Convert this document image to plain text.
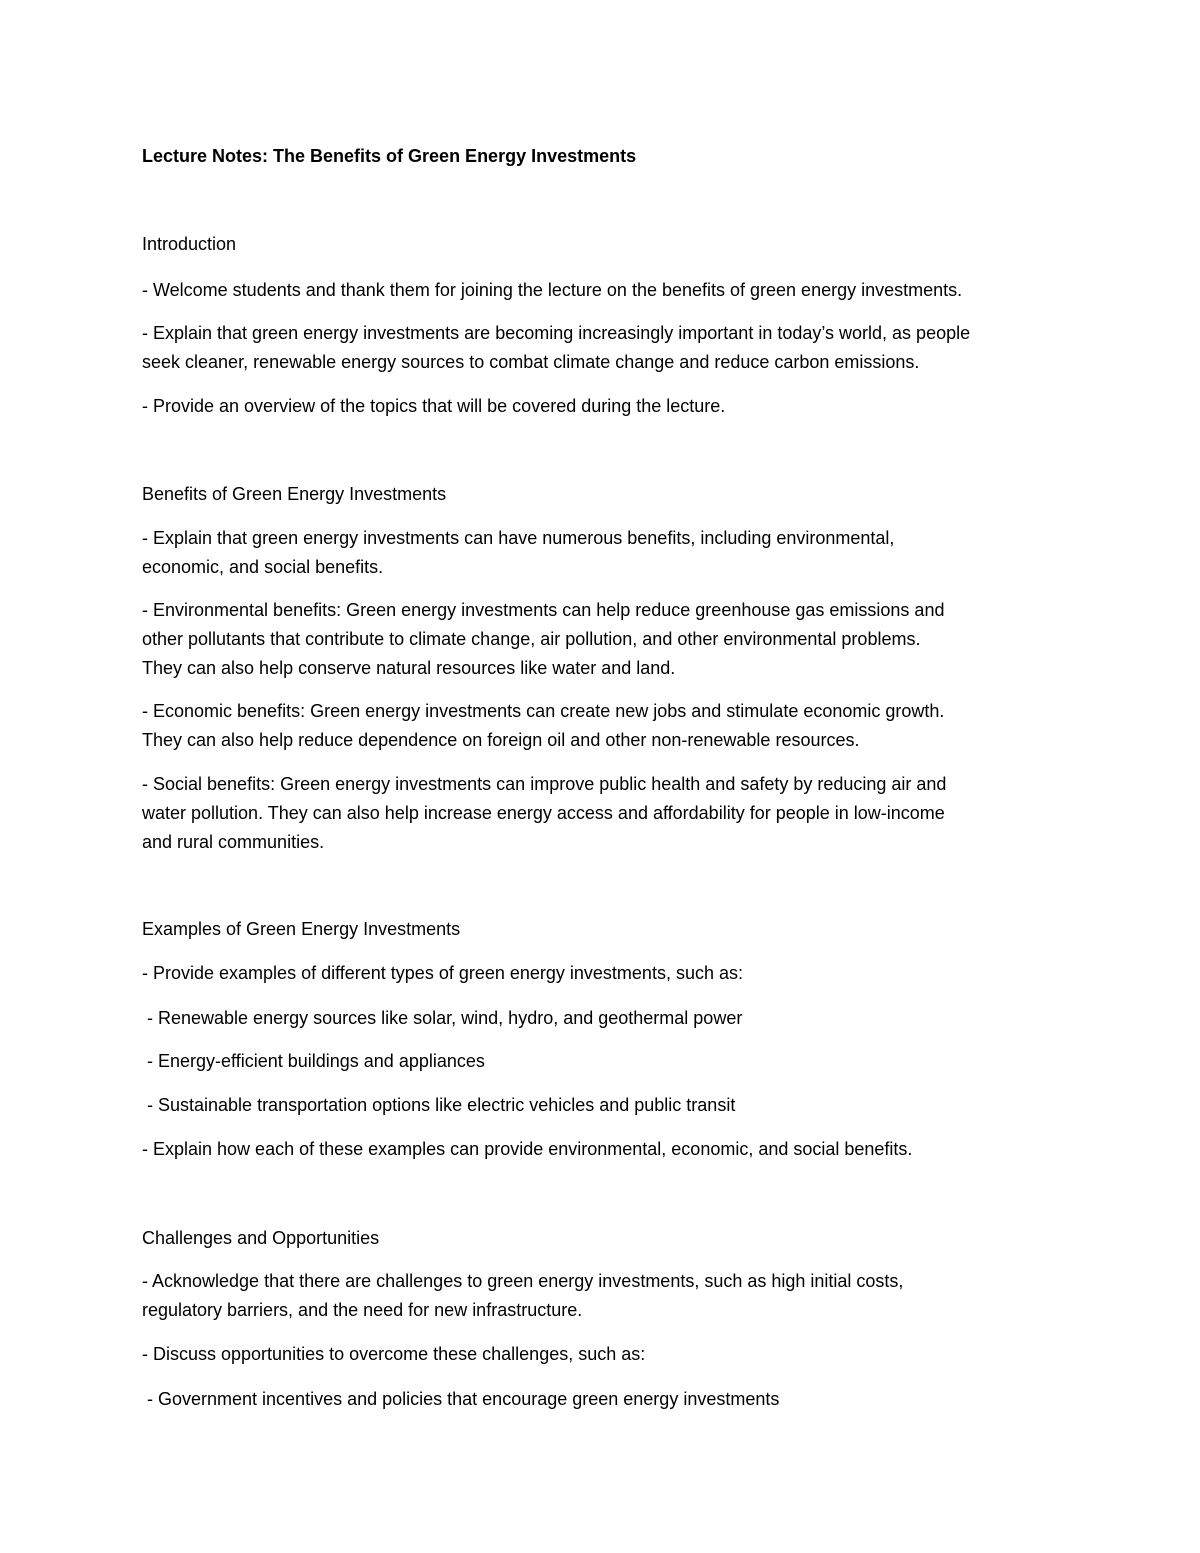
Lecture Notes: The Benefits of Green Energy Investments
Introduction
- Welcome students and thank them for joining the lecture on the benefits of green energy investments.
- Explain that green energy investments are becoming increasingly important in today’s world, as people
seek cleaner, renewable energy sources to combat climate change and reduce carbon emissions.
- Provide an overview of the topics that will be covered during the lecture.
Benefits of Green Energy Investments
- Explain that green energy investments can have numerous benefits, including environmental,
economic, and social benefits.
- Environmental benefits: Green energy investments can help reduce greenhouse gas emissions and
other pollutants that contribute to climate change, air pollution, and other environmental problems.
They can also help conserve natural resources like water and land.
- Economic benefits: Green energy investments can create new jobs and stimulate economic growth.
They can also help reduce dependence on foreign oil and other non-renewable resources.
- Social benefits: Green energy investments can improve public health and safety by reducing air and
water pollution. They can also help increase energy access and affordability for people in low-income
and rural communities.
Examples of Green Energy Investments
- Provide examples of different types of green energy investments, such as:
- Renewable energy sources like solar, wind, hydro, and geothermal power
- Energy-efficient buildings and appliances
- Sustainable transportation options like electric vehicles and public transit
- Explain how each of these examples can provide environmental, economic, and social benefits.
Challenges and Opportunities
- Acknowledge that there are challenges to green energy investments, such as high initial costs,
regulatory barriers, and the need for new infrastructure.
- Discuss opportunities to overcome these challenges, such as:
- Government incentives and policies that encourage green energy investments
